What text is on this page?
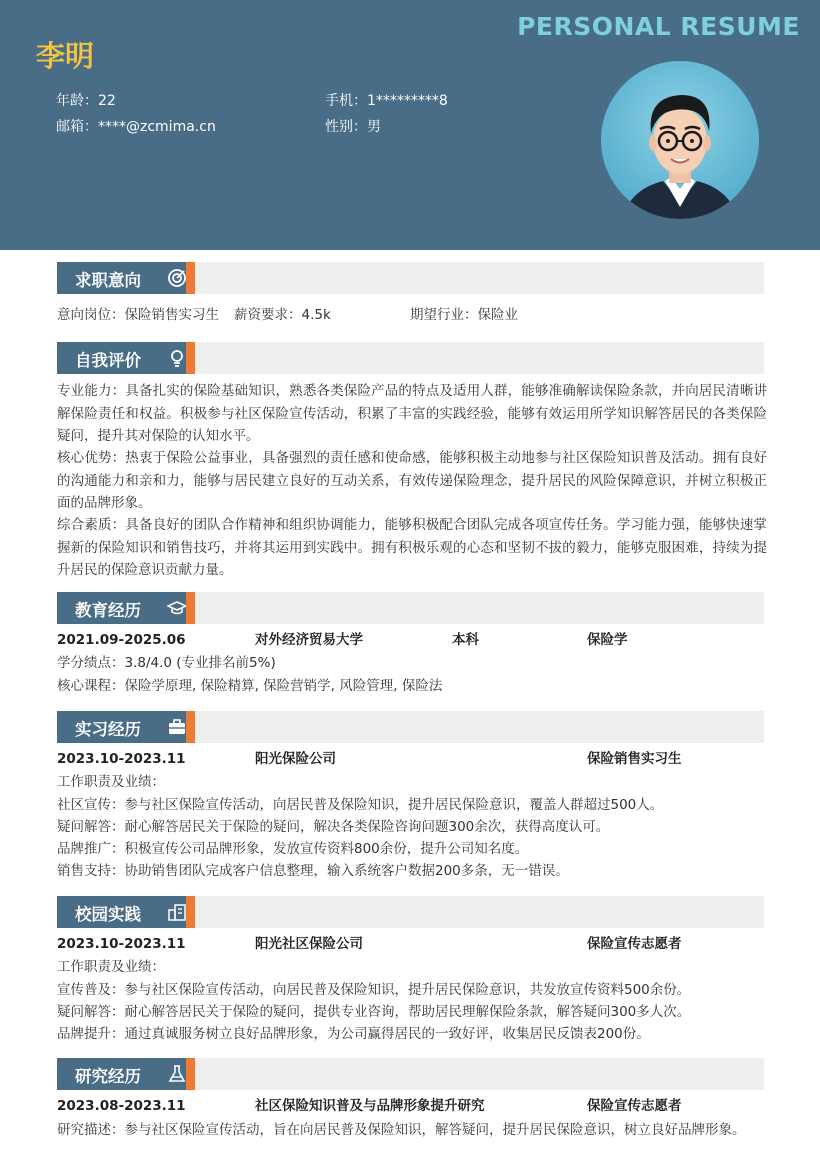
PERSONAL RESUME
李明
年龄：22	手机：1*********8
邮箱：****@zcmima.cn	性别：男
求职意向
意向岗位：保险销售实习生 薪资要求：4.5k	期望行业：保险业
自我评价
专业能力：具备扎实的保险基础知识，熟悉各类保险产品的特点及适用人群，能够准确解读保险条款，并向居民清晰讲解保险责任和权益。积极参与社区保险宣传活动，积累了丰富的实践经验，能够有效运用所学知识解答居民的各类保险疑问，提升其对保险的认知水平。
核心优势：热衷于保险公益事业，具备强烈的责任感和使命感，能够积极主动地参与社区保险知识普及活动。拥有良好的沟通能力和亲和力，能够与居民建立良好的互动关系，有效传递保险理念，提升居民的风险保障意识，并树立积极正面的品牌形象。
综合素质：具备良好的团队合作精神和组织协调能力，能够积极配合团队完成各项宣传任务。学习能力强，能够快速掌握新的保险知识和销售技巧，并将其运用到实践中。拥有积极乐观的心态和坚韧不拔的毅力，能够克服困难，持续为提升居民的保险意识贡献力量。
教育经历
2021.09-2025.06	对外经济贸易大学	本科	保险学
学分绩点：3.8/4.0 (专业排名前5%)
核心课程：保险学原理, 保险精算, 保险营销学, 风险管理, 保险法
实习经历
2023.10-2023.11	阳光保险公司	保险销售实习生
工作职责及业绩：
社区宣传：参与社区保险宣传活动，向居民普及保险知识，提升居民保险意识，覆盖人群超过500人。
疑问解答：耐心解答居民关于保险的疑问，解决各类保险咨询问题300余次，获得高度认可。
品牌推广：积极宣传公司品牌形象，发放宣传资料800余份，提升公司知名度。
销售支持：协助销售团队完成客户信息整理，输入系统客户数据200多条，无一错误。
校园实践
2023.10-2023.11	阳光社区保险公司	保险宣传志愿者
工作职责及业绩：
宣传普及：参与社区保险宣传活动，向居民普及保险知识，提升居民保险意识，共发放宣传资料500余份。
疑问解答：耐心解答居民关于保险的疑问，提供专业咨询，帮助居民理解保险条款，解答疑问300多人次。
品牌提升：通过真诚服务树立良好品牌形象，为公司赢得居民的一致好评，收集居民反馈表200份。
研究经历
2023.08-2023.11	社区保险知识普及与品牌形象提升研究	保险宣传志愿者
研究描述：参与社区保险宣传活动，旨在向居民普及保险知识，解答疑问，提升居民保险意识，树立良好品牌形象。
